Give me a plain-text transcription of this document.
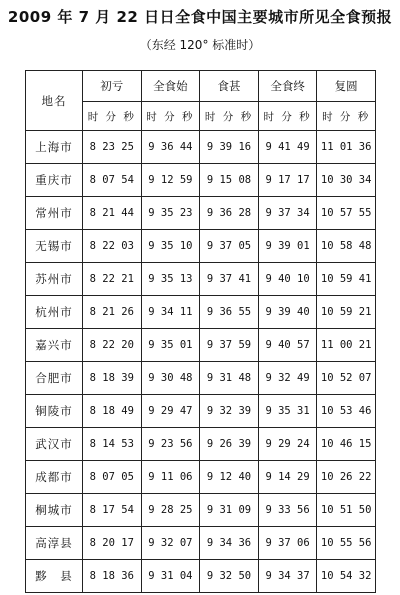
2009 年 7 月 22 日日全食中国主要城市所见全食预报
（东经 120° 标准时）
地名	初亏	全食始	食甚	全食终	复圆
	时 分 秒	时 分 秒	时 分 秒	时 分 秒	时 分 秒
上海市	8 23 25	9 36 44	9 39 16	9 41 49	11 01 36
重庆市	8 07 54	9 12 59	9 15 08	9 17 17	10 30 34
常州市	8 21 44	9 35 23	9 36 28	9 37 34	10 57 55
无锡市	8 22 03	9 35 10	9 37 05	9 39 01	10 58 48
苏州市	8 22 21	9 35 13	9 37 41	9 40 10	10 59 41
杭州市	8 21 26	9 34 11	9 36 55	9 39 40	10 59 21
嘉兴市	8 22 20	9 35 01	9 37 59	9 40 57	11 00 21
合肥市	8 18 39	9 30 48	9 31 48	9 32 49	10 52 07
铜陵市	8 18 49	9 29 47	9 32 39	9 35 31	10 53 46
武汉市	8 14 53	9 23 56	9 26 39	9 29 24	10 46 15
成都市	8 07 05	9 11 06	9 12 40	9 14 29	10 26 22
桐城市	8 17 54	9 28 25	9 31 09	9 33 56	10 51 50
高淳县	8 20 17	9 32 07	9 34 36	9 37 06	10 55 56
黟　县	8 18 36	9 31 04	9 32 50	9 34 37	10 54 32
